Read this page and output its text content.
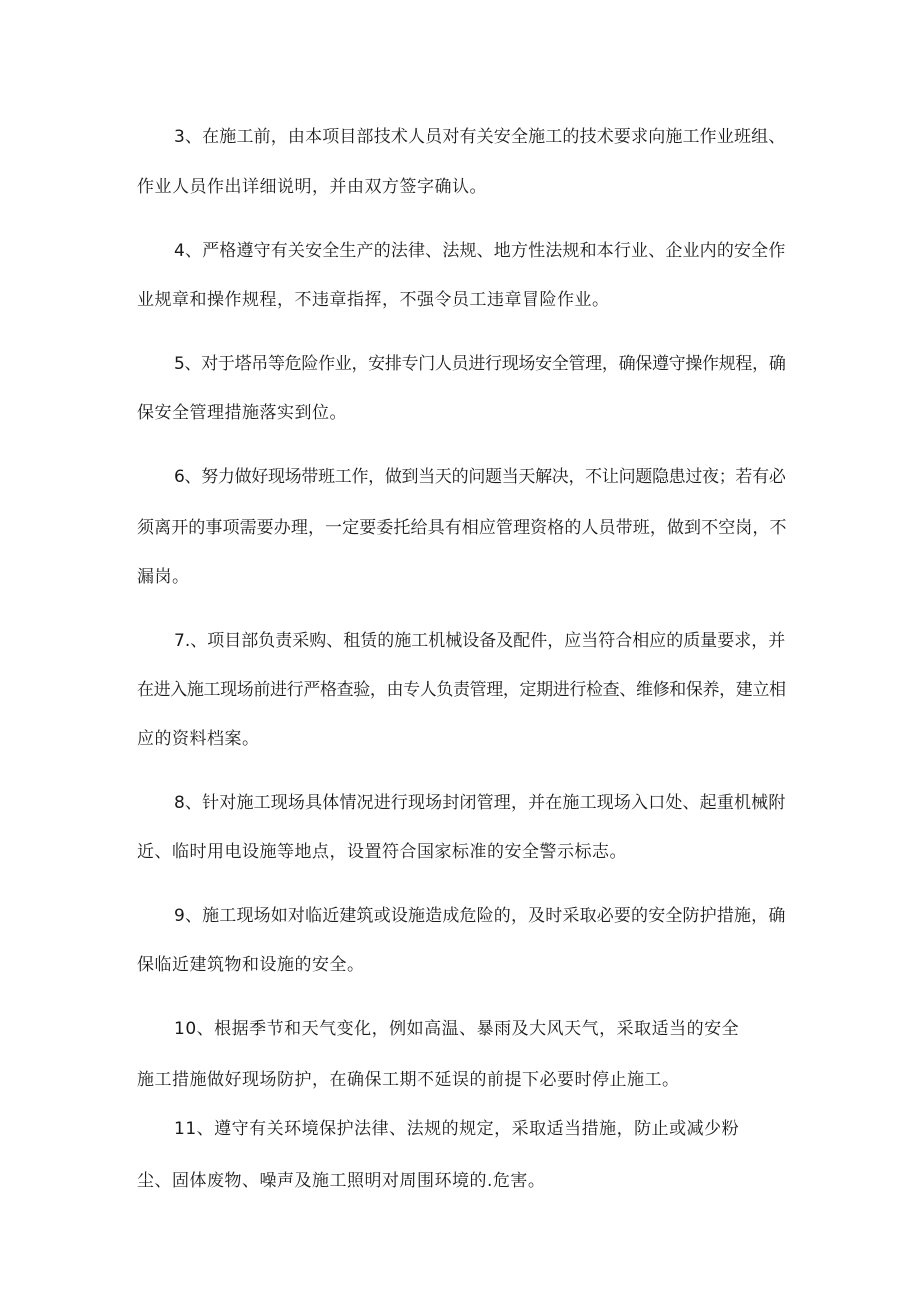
3、在施工前，由本项目部技术人员对有关安全施工的技术要求向施工作业班组、
作业人员作出详细说明，并由双方签字确认。
4、严格遵守有关安全生产的法律、法规、地方性法规和本行业、企业内的安全作
业规章和操作规程，不违章指挥，不强令员工违章冒险作业。
5、对于塔吊等危险作业，安排专门人员进行现场安全管理，确保遵守操作规程，确
保安全管理措施落实到位。
6、努力做好现场带班工作，做到当天的问题当天解决，不让问题隐患过夜；若有必
须离开的事项需要办理，一定要委托给具有相应管理资格的人员带班，做到不空岗，不
漏岗。
7.、项目部负责采购、租赁的施工机械设备及配件，应当符合相应的质量要求，并
在进入施工现场前进行严格查验，由专人负责管理，定期进行检查、维修和保养，建立相
应的资料档案。
8、针对施工现场具体情况进行现场封闭管理，并在施工现场入口处、起重机械附
近、临时用电设施等地点，设置符合国家标准的安全警示标志。
9、施工现场如对临近建筑或设施造成危险的，及时采取必要的安全防护措施，确
保临近建筑物和设施的安全。
10、根据季节和天气变化，例如高温、暴雨及大风天气，采取适当的安全
施工措施做好现场防护，在确保工期不延误的前提下必要时停止施工。
11、遵守有关环境保护法律、法规的规定，采取适当措施，防止或减少粉
尘、固体废物、噪声及施工照明对周围环境的.危害。
